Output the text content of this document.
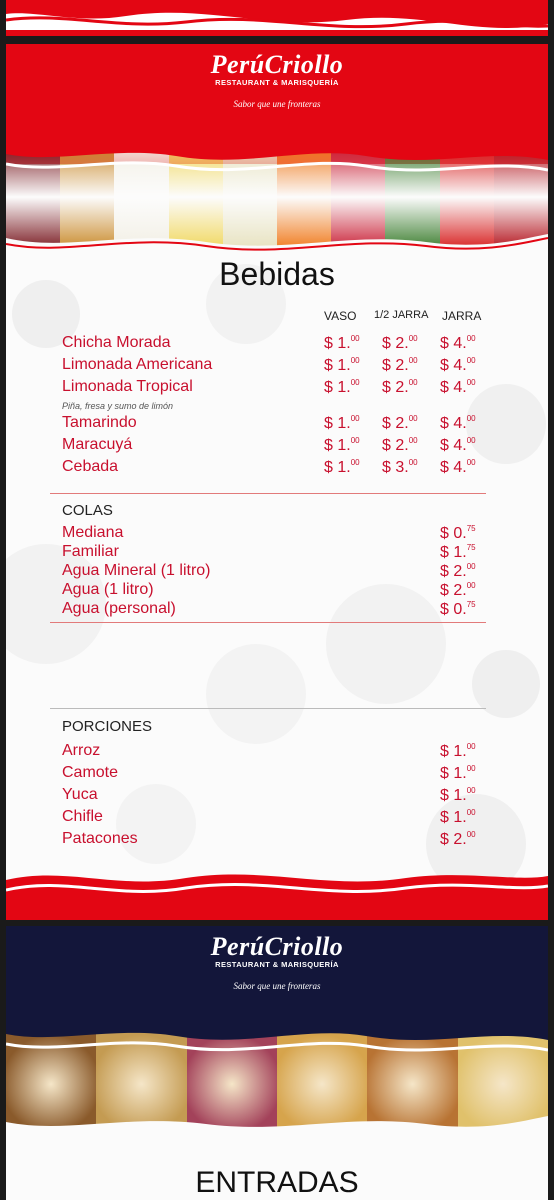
PerúCriollo
RESTAURANT & MARISQUERÍA
Sabor que une fronteras
Bebidas
VASO 1/2 JARRA JARRA
Chicha Morada	$ 1.00 $ 2.00 $ 4.00
Limonada Americana	$ 1.00 $ 2.00 $ 4.00
Limonada Tropical	$ 1.00 $ 2.00 $ 4.00
Piña, fresa y sumo de limón
Tamarindo	$ 1.00 $ 2.00 $ 4.00
Maracuyá	$ 1.00 $ 2.00 $ 4.00
Cebada	$ 1.00 $ 3.00 $ 4.00
COLAS
Mediana	$ 0.75
Familiar	$ 1.75
Agua Mineral (1 litro)	$ 2.00
Agua (1 litro)	$ 2.00
Agua (personal)	$ 0.75
PORCIONES
Arroz	$ 1.00
Camote	$ 1.00
Yuca	$ 1.00
Chifle	$ 1.00
Patacones	$ 2.00
PerúCriollo
RESTAURANT & MARISQUERÍA
Sabor que une fronteras
ENTRADAS
